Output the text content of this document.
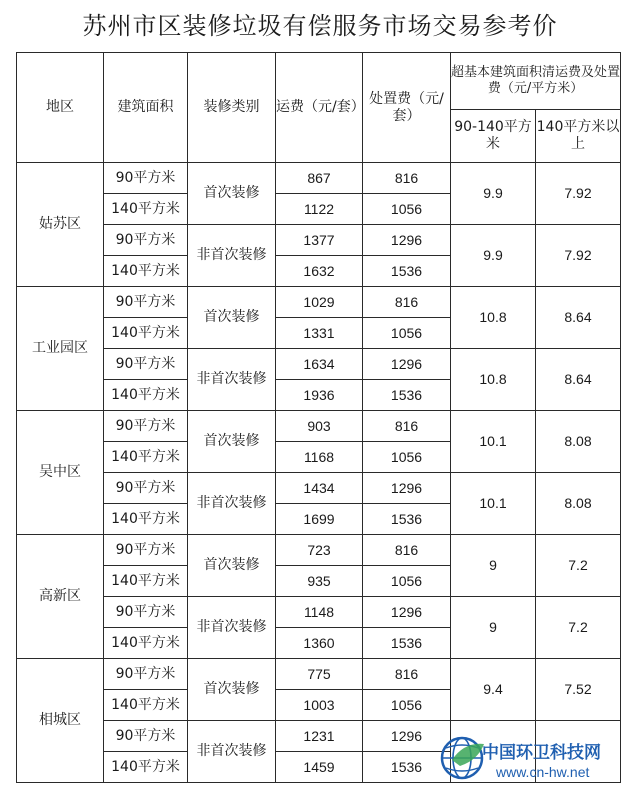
苏州市区装修垃圾有偿服务市场交易参考价
地区	建筑面积	装修类别	运费（元/套）	处置费（元/套）	超基本建筑面积清运费及处置费（元/平方米）	
					90-140平方米	140平方米以上
姑苏区	90平方米	首次装修	867	816	9.9	7.92
	140平方米		1122	1056		
	90平方米	非首次装修	1377	1296	9.9	7.92
	140平方米		1632	1536		
工业园区	90平方米	首次装修	1029	816	10.8	8.64
	140平方米		1331	1056		
	90平方米	非首次装修	1634	1296	10.8	8.64
	140平方米		1936	1536		
吴中区	90平方米	首次装修	903	816	10.1	8.08
	140平方米		1168	1056		
	90平方米	非首次装修	1434	1296	10.1	8.08
	140平方米		1699	1536		
高新区	90平方米	首次装修	723	816	9	7.2
	140平方米		935	1056		
	90平方米	非首次装修	1148	1296	9	7.2
	140平方米		1360	1536		
相城区	90平方米	首次装修	775	816	9.4	7.52
	140平方米		1003	1056		
	90平方米	非首次装修	1231	1296		
	140平方米		1459	1536		
中国环卫科技网
www.cn-hw.net
